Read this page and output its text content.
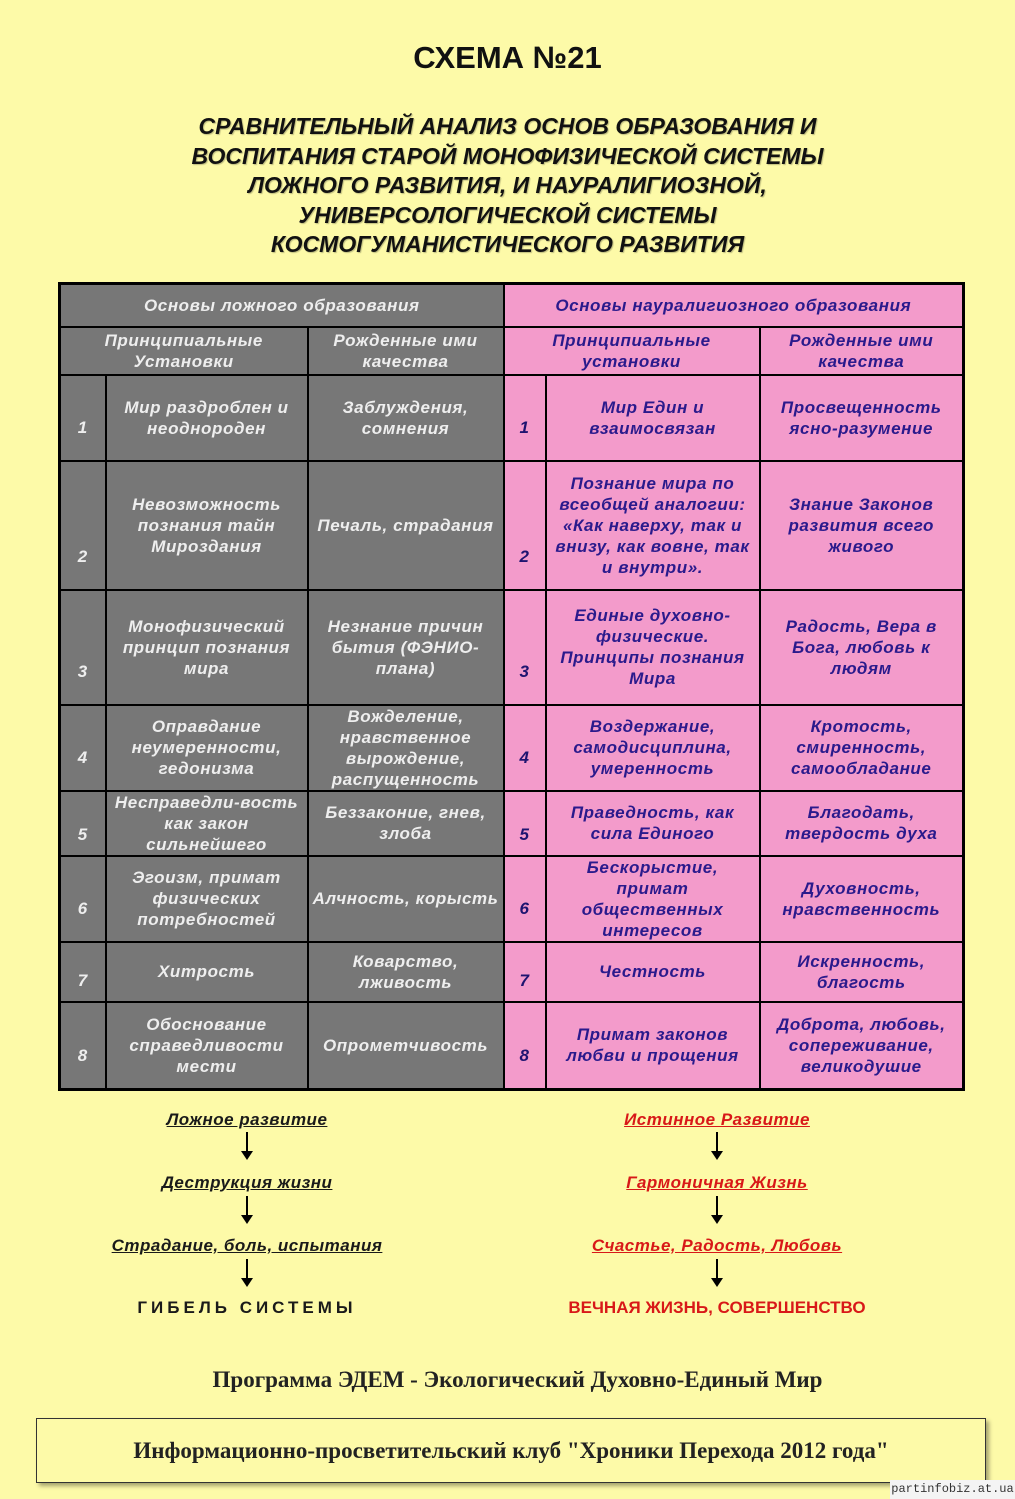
СХЕМА №21
СРАВНИТЕЛЬНЫЙ АНАЛИЗ ОСНОВ ОБРАЗОВАНИЯ И
ВОСПИТАНИЯ СТАРОЙ МОНОФИЗИЧЕСКОЙ СИСТЕМЫ
ЛОЖНОГО РАЗВИТИЯ, И НАУРАЛИГИОЗНОЙ,
УНИВЕРСОЛОГИЧЕСКОЙ СИСТЕМЫ
КОСМОГУМАНИСТИЧЕСКОГО РАЗВИТИЯ
Основы ложного образования			Основы науралигиозного образования		
Принципиальные Установки		Рожденные ими качества	Принципиальные установки		Рожденные ими качества
1	Мир раздроблен и неоднороден	Заблуждения, сомнения	1	Мир Един и взаимосвязан	Просвещенность ясно-разумение
2	Невозможность познания тайн Мироздания	Печаль, страдания	2	Познание мира по всеобщей аналогии: «Как наверху, так и внизу, как вовне, так и внутри».	Знание Законов развития всего живого
3	Монофизический принцип познания мира	Незнание причин бытия (ФЭНИО-плана)	3	Единые духовно-физические. Принципы познания Мира	Радость, Вера в Бога, любовь к людям
4	Оправдание неумеренности, гедонизма	Вожделение, нравственное вырождение, распущенность	4	Воздержание, самодисциплина, умеренность	Кротость, смиренность, самообладание
5	Несправедли-вость как закон сильнейшего	Беззаконие, гнев, злоба	5	Праведность, как сила Единого	Благодать, твердость духа
6	Эгоизм, примат физических потребностей	Алчность, корысть	6	Бескорыстие, примат общественных интересов	Духовность, нравственность
7	Хитрость	Коварство, лживость	7	Честность	Искренность, благость
8	Обоснование справедливости мести	Опрометчивость	8	Примат законов любви и прощения	Доброта, любовь, сопереживание, великодушие
Ложное развитие
Деструкция жизни
Страдание, боль, испытания
ГИБЕЛЬ СИСТЕМЫ
Истинное Развитие
Гармоничная Жизнь
Счастье, Радость, Любовь
ВЕЧНАЯ ЖИЗНЬ, СОВЕРШЕНСТВО
Программа ЭДЕМ - Экологический Духовно-Единый Мир
Информационно-просветительский клуб "Хроники Перехода 2012 года"
partinfobiz.at.ua
